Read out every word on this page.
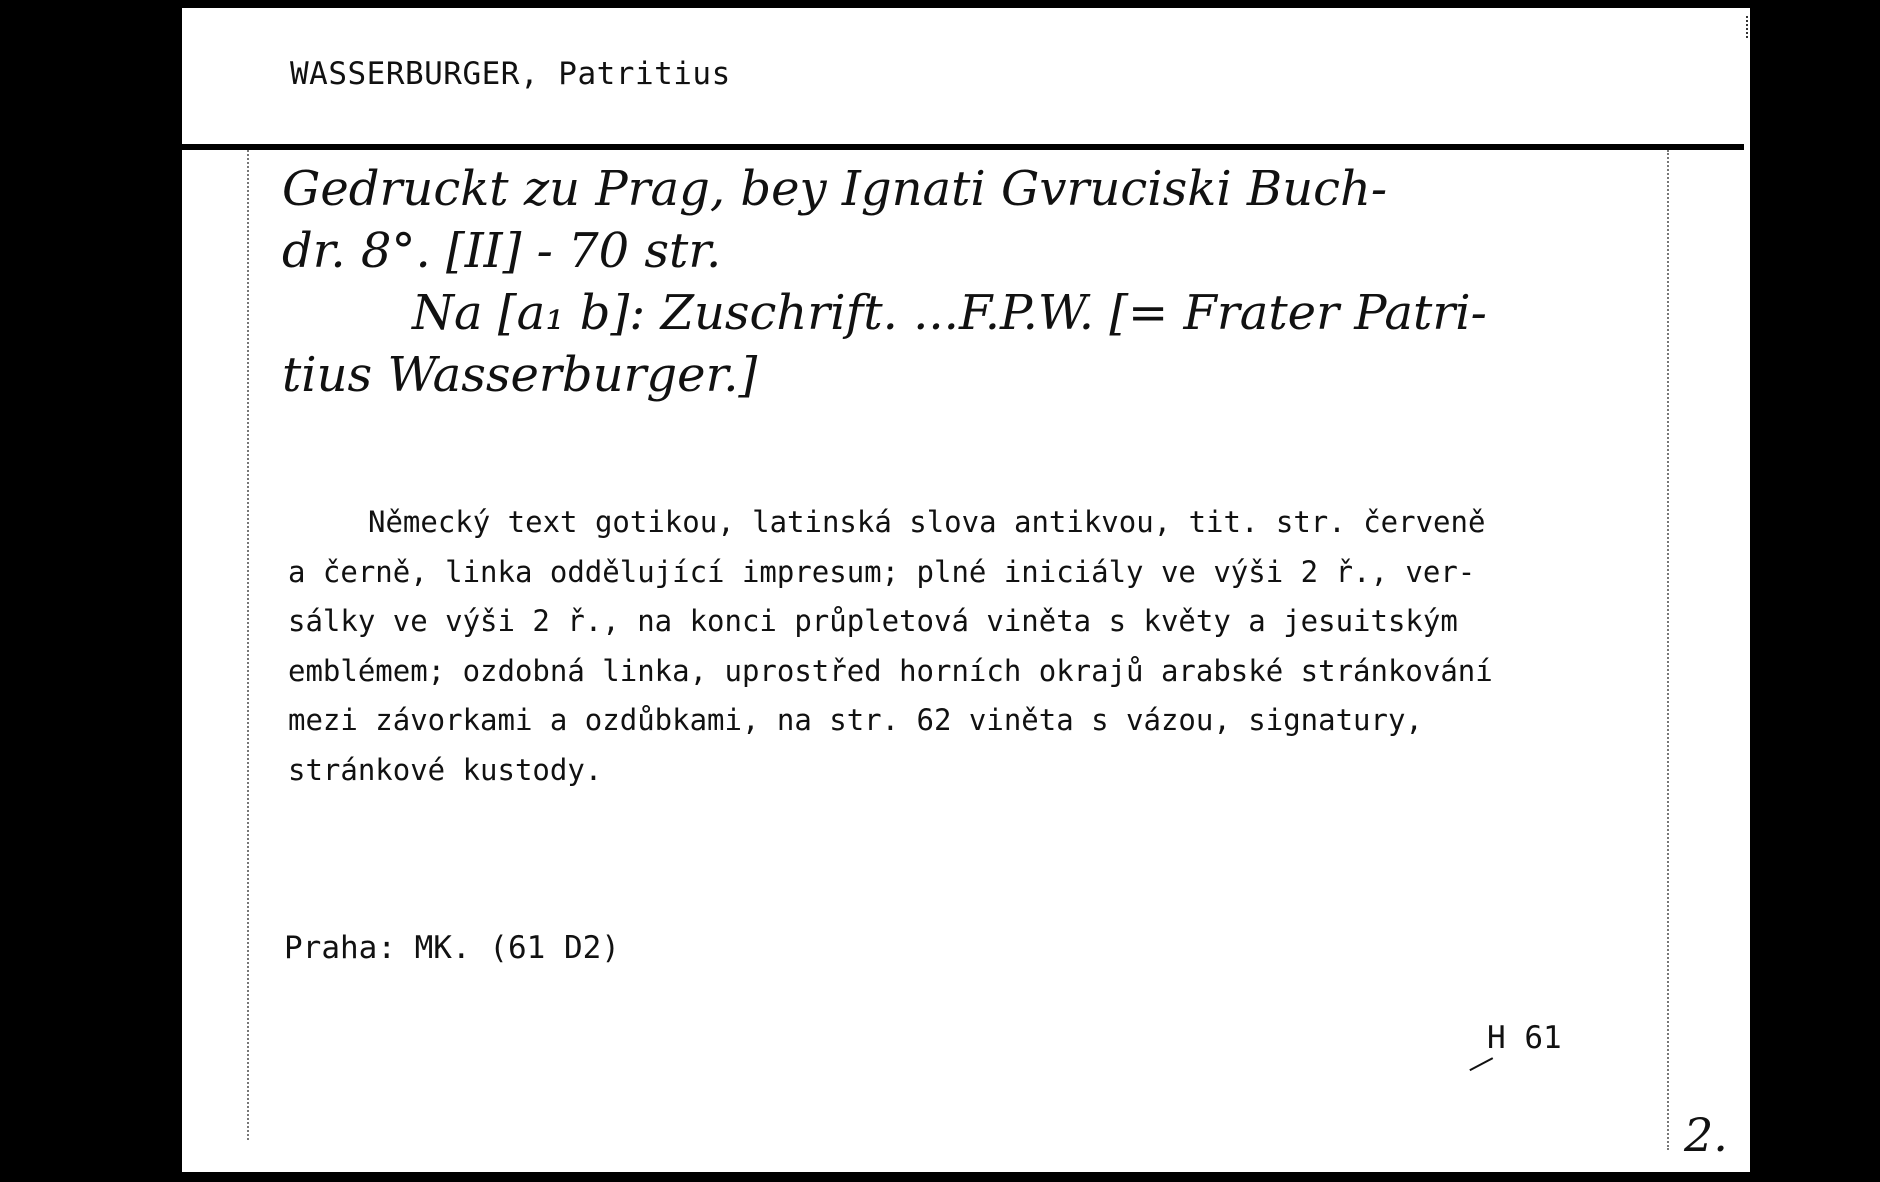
WASSERBURGER, Patritius
Gedruckt zu Prag, bey Ignati Gvruciski Buch-
dr. 8°. [II] - 70 str.
Na [a₁ b]: Zuschrift. ...F.P.W. [= Frater Patri-
tius Wasserburger.]
Německý text gotikou, latinská slova antikvou, tit. str. červeně
a černě, linka oddělující impresum; plné iniciály ve výši 2 ř., ver-
sálky ve výši 2 ř., na konci průpletová viněta s květy a jesuitským
emblémem; ozdobná linka, uprostřed horních okrajů arabské stránkování
mezi závorkami a ozdůbkami, na str. 62 viněta s vázou, signatury,
stránkové kustody.
Praha: MK. (61 D2)
H 61
2.
